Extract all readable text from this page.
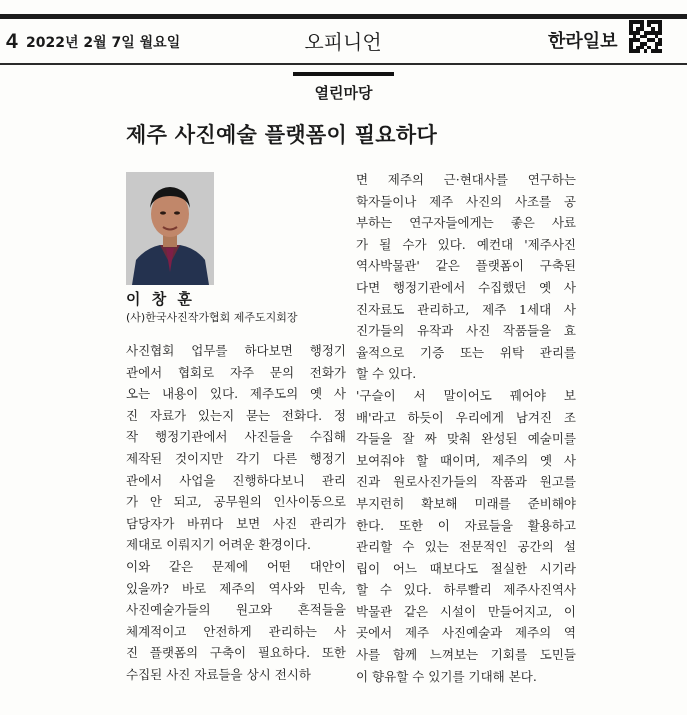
4 2022년 2월 7일 월요일	오피니언	한라일보
열린마당
제주 사진예술 플랫폼이 필요하다
이 창 훈
(사)한국사진작가협회 제주도지회장
사진협회 업무를 하다보면 행정기
관에서 협회로 자주 문의 전화가
오는 내용이 있다. 제주도의 옛 사
진 자료가 있는지 묻는 전화다. 정
작 행정기관에서 사진들을 수집해
제작된 것이지만 각기 다른 행정기
관에서 사업을 진행하다보니 관리
가 안 되고, 공무원의 인사이동으로
담당자가 바뀌다 보면 사진 관리가
제대로 이뤄지기 어려운 환경이다.
이와 같은 문제에 어떤 대안이
있을까? 바로 제주의 역사와 민속,
사진예술가들의 원고와 흔적들을
체계적이고 안전하게 관리하는 사
진 플랫폼의 구축이 필요하다. 또한
수집된 사진 자료들을 상시 전시하
면 제주의 근·현대사를 연구하는
학자들이나 제주 사진의 사조를 공
부하는 연구자들에게는 좋은 사료
가 될 수가 있다. 예컨대 '제주사진
역사박물관' 같은 플랫폼이 구축된
다면 행정기관에서 수집했던 옛 사
진자료도 관리하고, 제주 1세대 사
진가들의 유작과 사진 작품들을 효
율적으로 기증 또는 위탁 관리를
할 수 있다.
'구슬이 서 말이어도 꿰어야 보
배'라고 하듯이 우리에게 남겨진 조
각들을 잘 짜 맞춰 완성된 예술미를
보여줘야 할 때이며, 제주의 옛 사
진과 원로사진가들의 작품과 원고를
부지런히 확보해 미래를 준비해야
한다. 또한 이 자료들을 활용하고
관리할 수 있는 전문적인 공간의 설
립이 어느 때보다도 절실한 시기라
할 수 있다. 하루빨리 제주사진역사
박물관 같은 시설이 만들어지고, 이
곳에서 제주 사진예술과 제주의 역
사를 함께 느껴보는 기회를 도민들
이 향유할 수 있기를 기대해 본다.
